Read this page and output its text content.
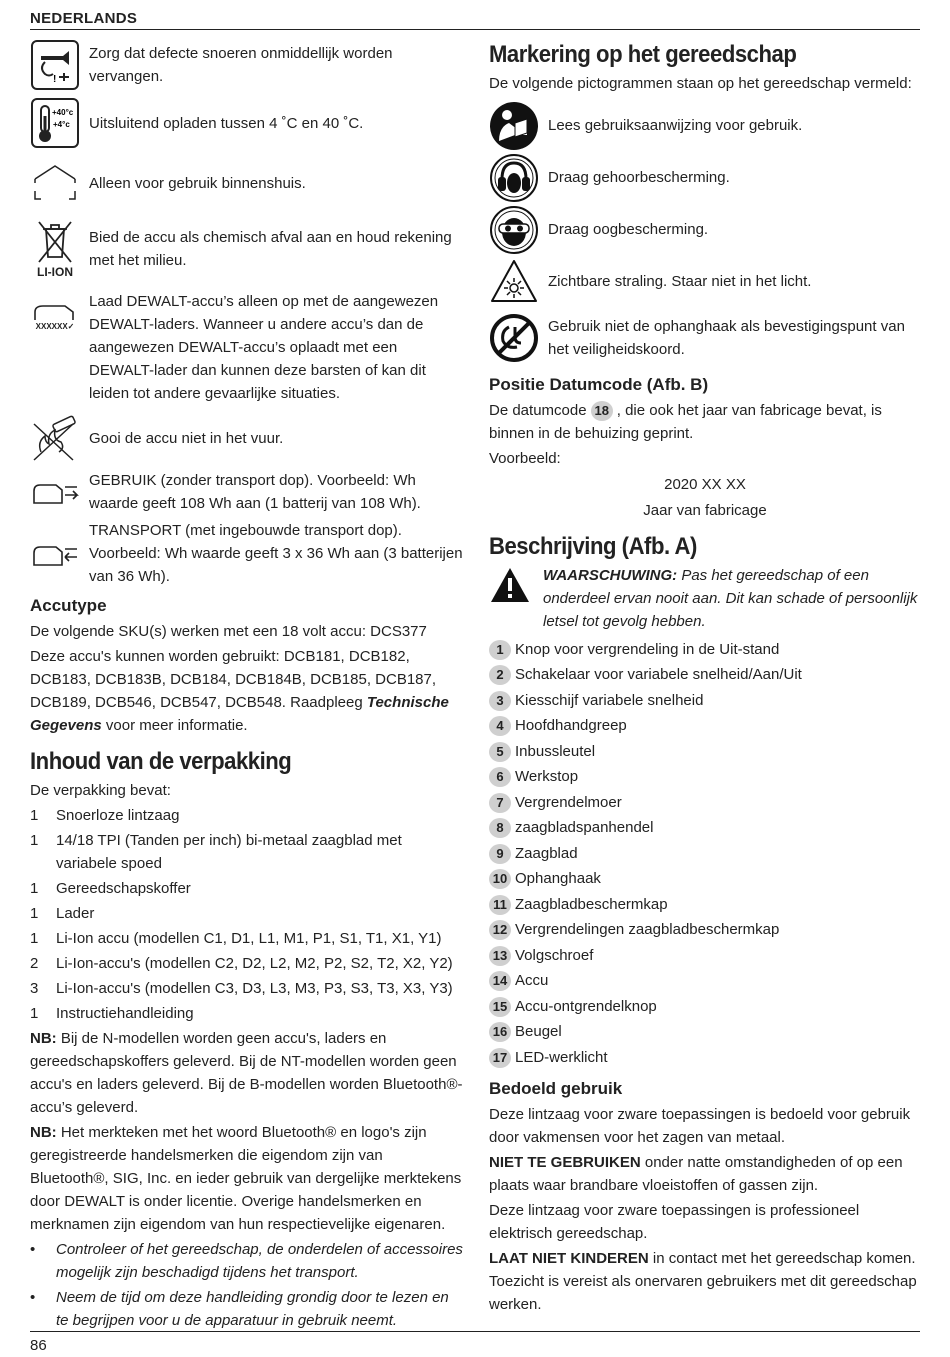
NEDERLANDS
!
Zorg dat defecte snoeren onmiddellijk worden vervangen.
+40°c
+4°c Uitsluitend opladen tussen 4 ˚C en 40 ˚C.
Alleen voor gebruik binnenshuis.
LI-ION
Bied de accu als chemisch afval aan en houd rekening met het milieu.
XXXXXX✓
Laad DEWALT-accu’s alleen op met de aangewezen DEWALT-laders. Wanneer u andere accu’s dan de aangewezen DEWALT-accu’s oplaadt met een DEWALT-lader dan kunnen deze barsten of kan dit leiden tot andere gevaarlijke situaties.
Gooi de accu niet in het vuur.
GEBRUIK (zonder transport dop). Voorbeeld: Wh waarde geeft 108 Wh aan (1 batterij van 108 Wh).
TRANSPORT (met ingebouwde transport dop). Voorbeeld: Wh waarde geeft 3 x 36 Wh aan (3 batterijen van 36 Wh).
Accutype

De volgende SKU(s) werken met een 18 volt accu: DCS377

Deze accu's kunnen worden gebruikt: DCB181, DCB182, DCB183, DCB183B, DCB184, DCB184B, DCB185, DCB187, DCB189, DCB546, DCB547, DCB548. Raadpleeg Technische Gegevens voor meer informatie.

Inhoud van de verpakking

De verpakking bevat:

1	Snoerloze lintzaag
1	14/18 TPI (Tanden per inch) bi-metaal zaagblad met variabele spoed
1	Gereedschapskoffer
1	Lader
1	Li-Ion accu (modellen C1, D1, L1, M1, P1, S1, T1, X1, Y1)
2	Li-Ion-accu's (modellen C2, D2, L2, M2, P2, S2, T2, X2, Y2)
3	Li-Ion-accu's (modellen C3, D3, L3, M3, P3, S3, T3, X3, Y3)
1	Instructiehandleiding

NB: Bij de N-modellen worden geen accu's, laders en gereedschapskoffers geleverd. Bij de NT-modellen worden geen accu's en laders geleverd. Bij de B-modellen worden Bluetooth®-accu’s geleverd.

NB: Het merkteken met het woord Bluetooth® en logo's zijn geregistreerde handelsmerken die eigendom zijn van Bluetooth®, SIG, Inc. en ieder gebruik van dergelijke merktekens door DEWALT is onder licentie. Overige handelsmerken en merknamen zijn eigendom van hun respectievelijke eigenaren.

•	Controleer of het gereedschap, de onderdelen of accessoires mogelijk zijn beschadigd tijdens het transport.
•	Neem de tijd om deze handleiding grondig door te lezen en te begrijpen voor u de apparatuur in gebruik neemt.
Markering op het gereedschap

De volgende pictogrammen staan op het gereedschap vermeld:

Lees gebruiksaanwijzing voor gebruik.
Draag gehoorbescherming.
Draag oogbescherming.
Zichtbare straling. Staar niet in het licht.
Gebruik niet de ophanghaak als bevestigingspunt van het veiligheidskoord.
Positie Datumcode (Afb. B)

De datumcode 18 , die ook het jaar van fabricage bevat, is binnen in de behuizing geprint.

Voorbeeld:

2020 XX XX
Jaar van fabricage
Beschrijving (Afb. A)
WAARSCHUWING: Pas het gereedschap of een onderdeel ervan nooit aan. Dit kan schade of persoonlijk letsel tot gevolg hebben.
1 Knop voor vergrendeling in de Uit-stand
2 Schakelaar voor variabele snelheid/Aan/Uit
3 Kiesschijf variabele snelheid
4 Hoofdhandgreep
5 Inbussleutel
6 Werkstop
7 Vergrendelmoer
8 zaagbladspanhendel
9 Zaagblad
10 Ophanghaak
11 Zaagbladbeschermkap
12 Vergrendelingen zaagbladbeschermkap
13 Volgschroef
14 Accu
15 Accu-ontgrendelknop
16 Beugel
17 LED-werklicht
Bedoeld gebruik

Deze lintzaag voor zware toepassingen is bedoeld voor gebruik door vakmensen voor het zagen van metaal.

NIET TE GEBRUIKEN onder natte omstandigheden of op een plaats waar brandbare vloeistoffen of gassen zijn.

Deze lintzaag voor zware toepassingen is professioneel elektrisch gereedschap.

LAAT NIET KINDEREN in contact met het gereedschap komen. Toezicht is vereist als onervaren gebruikers met dit gereedschap werken.

86
